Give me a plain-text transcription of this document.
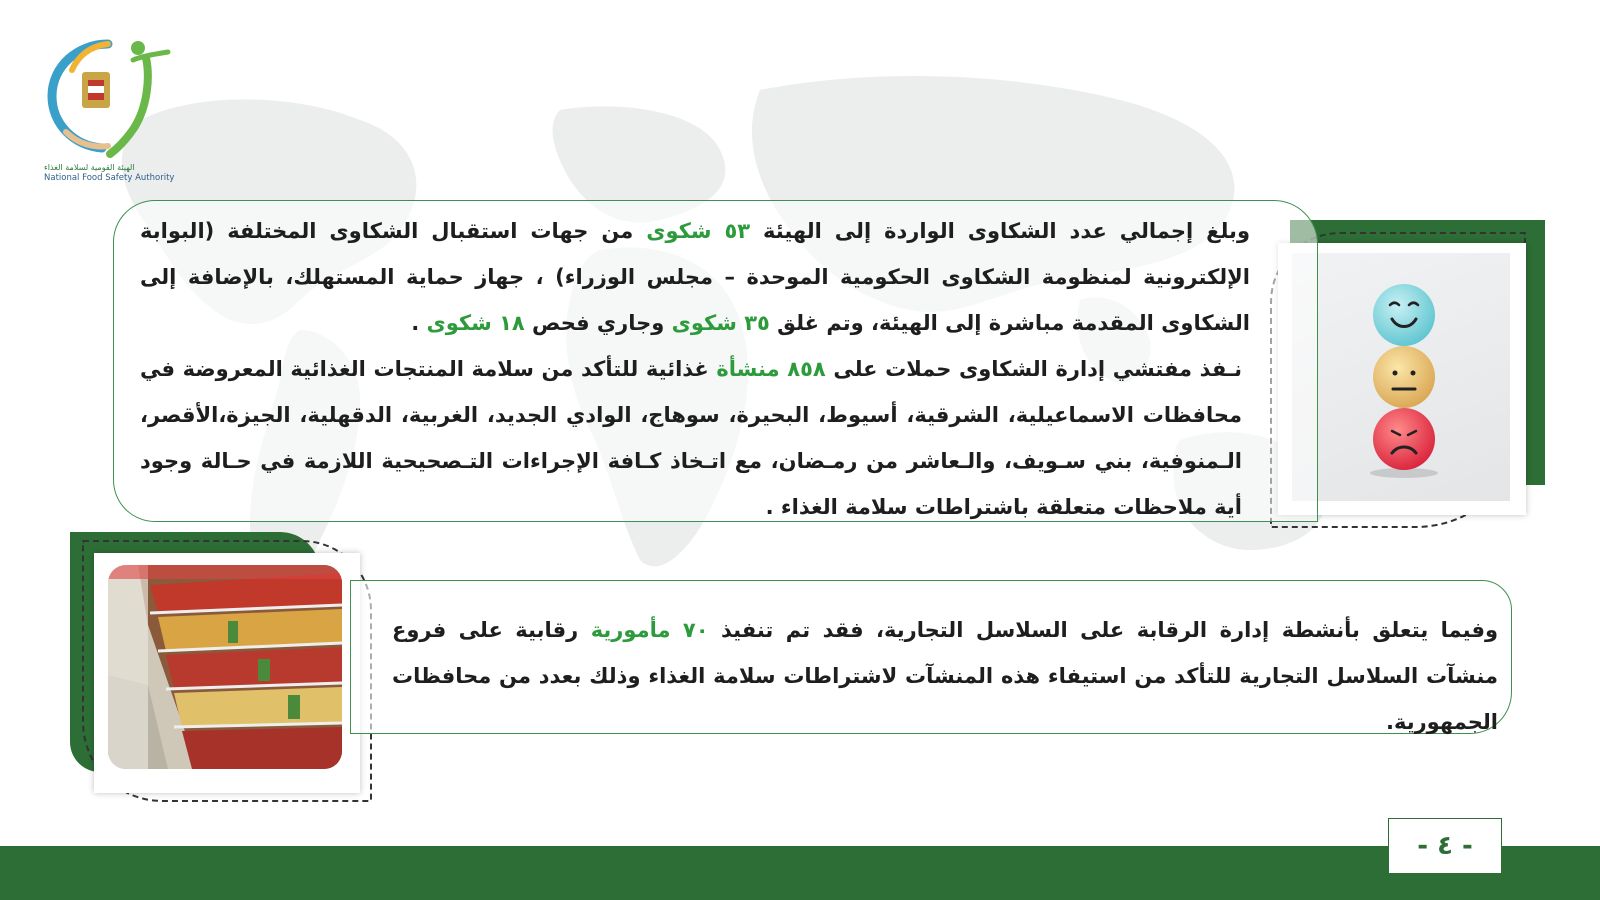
الهيئة القومية لسلامة الغذاء
National Food Safety Authority

وبلغ إجمالي عدد الشكاوى الواردة إلى الهيئة ٥٣ شكوى من جهات استقبال الشكاوى المختلفة (البوابة الإلكترونية لمنظومة الشكاوى الحكومية الموحدة – مجلس الوزراء) ، جهاز حماية المستهلك، بالإضافة إلى الشكاوى المقدمة مباشرة إلى الهيئة، وتم غلق ٣٥ شكوى وجاري فحص ١٨ شكوى .

نـفذ مفتشي إدارة الشكاوى حملات على ٨٥٨ منشأة غذائية للتأكد من سلامة المنتجات الغذائية المعروضة في محافظات الاسماعيلية، الشرقية، أسيوط، البحيرة، سوهاج، الوادي الجديد، الغربية، الدقهلية، الجيزة،الأقصر، الـمنوفية، بني سـويف، والـعاشر من رمـضان، مع اتـخاذ كـافة الإجراءات التـصحيحية اللازمة في حـالة وجود أية ملاحظات متعلقة باشتراطات سلامة الغذاء .

وفيما يتعلق بأنشطة إدارة الرقابة على السلاسل التجارية، فقد تم تنفيذ ٧٠ مأمورية رقابية على فروع منشآت السلاسل التجارية للتأكد من استيفاء هذه المنشآت لاشتراطات سلامة الغذاء وذلك بعدد من محافظات الجمهورية.

- ٤ -
